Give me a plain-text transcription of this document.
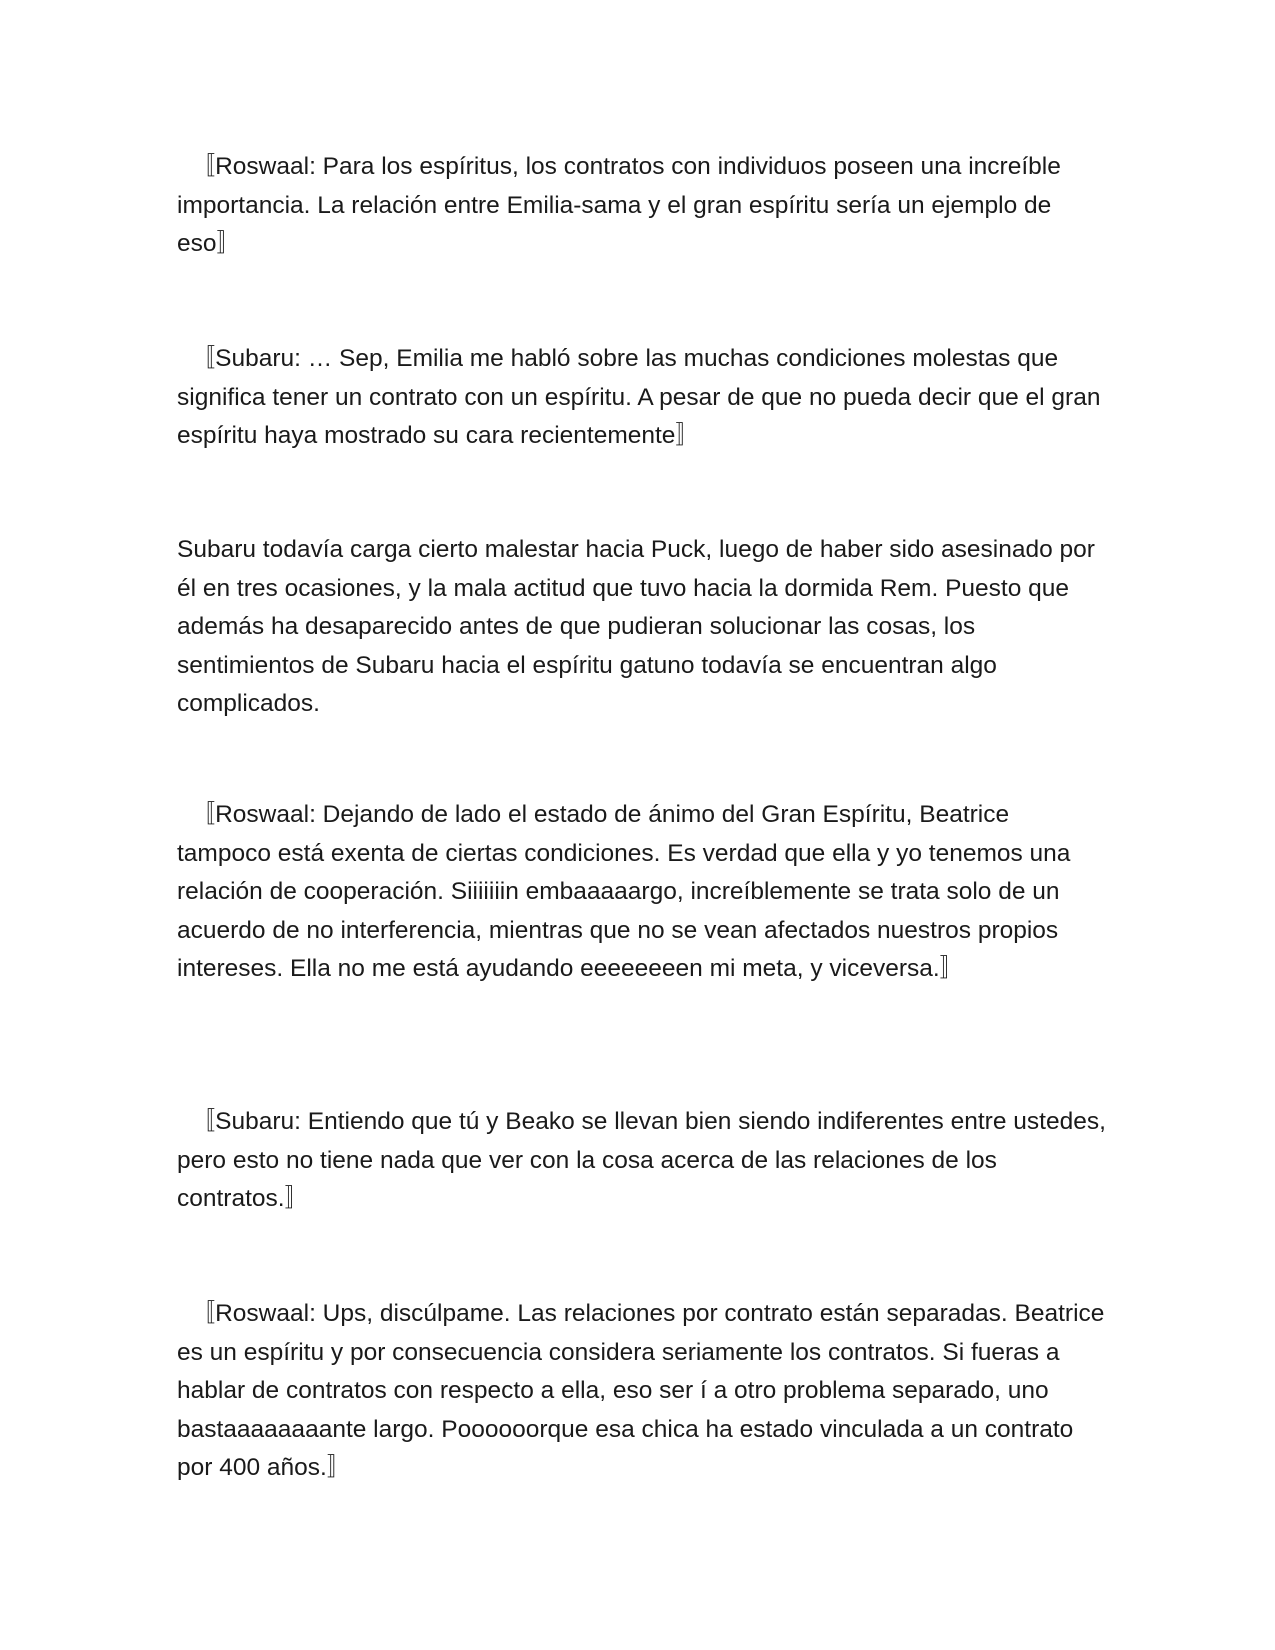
〚Roswaal: Para los espíritus, los contratos con individuos poseen una increíble importancia. La relación entre Emilia-sama y el gran espíritu sería un ejemplo de eso〛

〚Subaru: … Sep, Emilia me habló sobre las muchas condiciones molestas que significa tener un contrato con un espíritu. A pesar de que no pueda decir que el gran espíritu haya mostrado su cara recientemente〛

Subaru todavía carga cierto malestar hacia Puck, luego de haber sido asesinado por él en tres ocasiones, y la mala actitud que tuvo hacia la dormida Rem. Puesto que además ha desaparecido antes de que pudieran solucionar las cosas, los sentimientos de Subaru hacia el espíritu gatuno todavía se encuentran algo complicados.

〚Roswaal: Dejando de lado el estado de ánimo del Gran Espíritu, Beatrice tampoco está exenta de ciertas condiciones. Es verdad que ella y yo tenemos una relación de cooperación. Siiiiiiin embaaaaargo, increíblemente se trata solo de un acuerdo de no interferencia, mientras que no se vean afectados nuestros propios intereses. Ella no me está ayudando eeeeeeeen mi meta, y viceversa.〛

〚Subaru: Entiendo que tú y Beako se llevan bien siendo indiferentes entre ustedes, pero esto no tiene nada que ver con la cosa acerca de las relaciones de los contratos.〛

〚Roswaal: Ups, discúlpame. Las relaciones por contrato están separadas. Beatrice es un espíritu y por consecuencia considera seriamente los contratos. Si fueras a hablar de contratos con respecto a ella, eso ser í a otro problema separado, uno bastaaaaaaaante largo. Poooooorque esa chica ha estado vinculada a un contrato por 400 años.〛
